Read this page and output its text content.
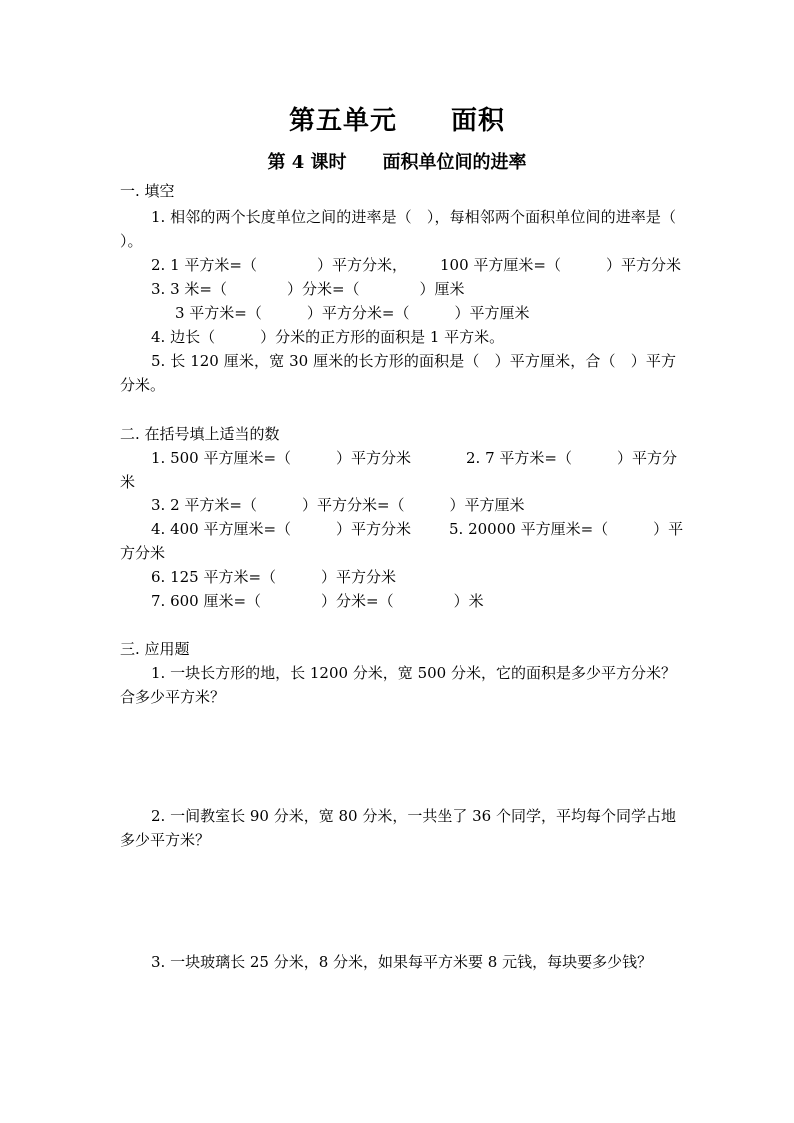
第五单元　　面积
第 4 课时　　面积单位间的进率
一. 填空
1. 相邻的两个长度单位之间的进率是（　），每相邻两个面积单位间的进率是（ ）。
2. 1 平方米=（　　　　）平方分米， 100 平方厘米=（　　　）平方分米
3. 3 米=（　　　　）分米=（　　　　）厘米
3 平方米=（　　　）平方分米=（　　　）平方厘米
4. 边长（　　　）分米的正方形的面积是 1 平方米。
5. 长 120 厘米，宽 30 厘米的长方形的面积是（　）平方厘米，合（　）平方分米。
二. 在括号填上适当的数
1. 500 平方厘米=（　　　）平方分米	2. 7 平方米=（　　　）平方分
米
3. 2 平方米=（　　　）平方分米=（　　　）平方厘米
4. 400 平方厘米=（　　　）平方分米	5. 20000 平方厘米=（　　　）平
方分米
6. 125 平方米=（　　　）平方分米
7. 600 厘米=（　　　　）分米=（　　　　）米
三. 应用题
1. 一块长方形的地，长 1200 分米，宽 500 分米，它的面积是多少平方分米？合多少平方米？
2. 一间教室长 90 分米，宽 80 分米，一共坐了 36 个同学，平均每个同学占地多少平方米？
3. 一块玻璃长 25 分米，8 分米，如果每平方米要 8 元钱，每块要多少钱？
